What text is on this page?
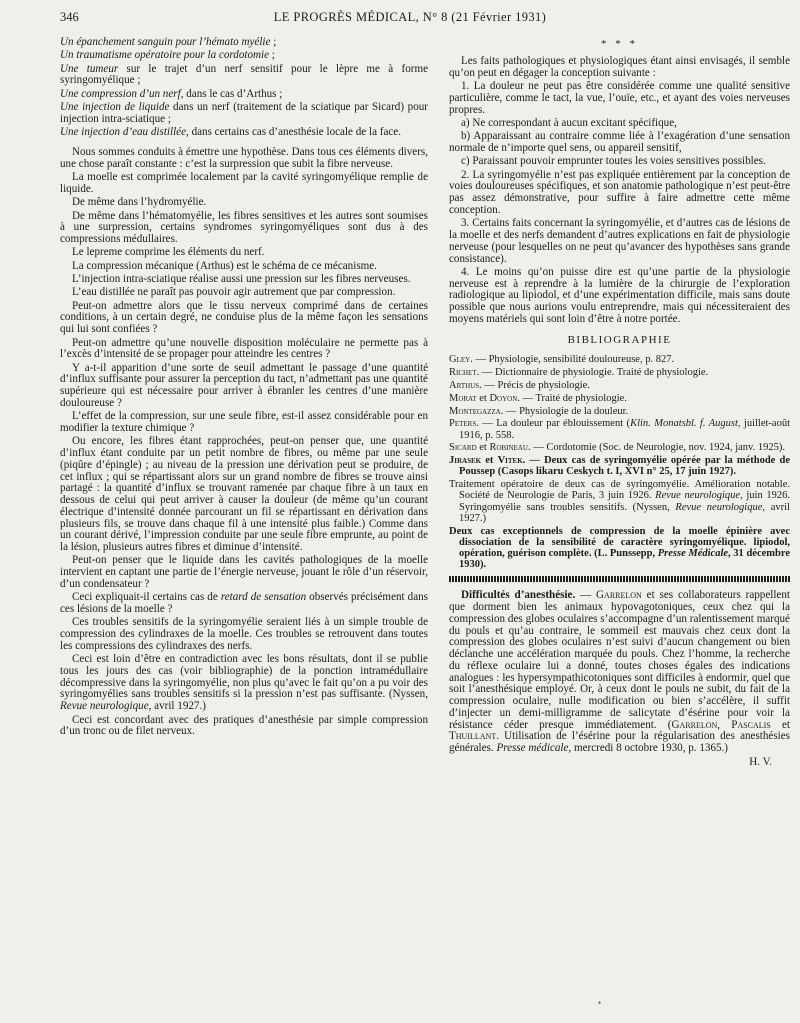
346	LE PROGRÈS MÉDICAL, N° 8 (21 Février 1931)

Un épanchement sanguin pour l’hémato myélie ;

Un traumatisme opératoire pour la cordotomie ;

Une tumeur sur le trajet d’un nerf sensitif pour le lèpre me à forme syringomyélique ;

Une compression d’un nerf, dans le cas d’Arthus ;

Une injection de liquide dans un nerf (traitement de la sciatique par Sicard) pour injection intra-sciatique ;

Une injection d’eau distillée, dans certains cas d’anesthésie locale de la face.

Nous sommes conduits à émettre une hypothèse. Dans tous ces éléments divers, une chose paraît constante : c’est la surpression que subit la fibre nerveuse.

La moelle est comprimée localement par la cavité syringomyélique remplie de liquide.

De même dans l’hydromyélie.

De même dans l’hématomyélie, les fibres sensitives et les autres sont soumises à une surpression, certains syndromes syringomyéliques sont dus à des compressions médullaires.

Le lepreme comprime les éléments du nerf.

La compression mécanique (Arthus) est le schéma de ce mécanisme.

L’injection intra-sciatique réalise aussi une pression sur les fibres nerveuses.

L’eau distillée ne paraît pas pouvoir agir autrement que par compression.

Peut-on admettre alors que le tissu nerveux comprimé dans de certaines conditions, à un certain degré, ne conduise plus de la même façon les sensations qui lui sont confiées ?

Peut-on admettre qu’une nouvelle disposition moléculaire ne permette pas à l’excès d’intensité de se propager pour atteindre les centres ?

Y a-t-il apparition d’une sorte de seuil admettant le passage d’une quantité d’influx suffisante pour assurer la perception du tact, n’admettant pas une quantité supérieure qui est nécessaire pour arriver à ébranler les centres d’une manière douloureuse ?

L’effet de la compression, sur une seule fibre, est-il assez considérable pour en modifier la texture chimique ?

Ou encore, les fibres étant rapprochées, peut-on penser que, une quantité d’influx étant conduite par un petit nombre de fibres, ou même par une seule (piqûre d’épingle) ; au niveau de la pression une dérivation peut se produire, de cet influx ; qui se répartissant alors sur un grand nombre de fibres se trouve ainsi partagé : la quantité d’influx se trouvant ramenée par chaque fibre à un taux en dessous de celui qui peut arriver à causer la douleur (de même qu’un courant électrique d’intensité donnée parcourant un fil se répartissant en dérivation dans plusieurs fils, se trouve dans chaque fil à une intensité plus faible.) Comme dans un courant dérivé, l’impression conduite par une seule fibre emprunte, au point de la lésion, plusieurs autres fibres et diminue d’intensité.

Peut-on penser que le liquide dans les cavités pathologiques de la moelle intervient en captant une partie de l’énergie nerveuse, jouant le rôle d’un réservoir, d’un condensateur ?

Ceci expliquait-il certains cas de retard de sensation observés précisément dans ces lésions de la moelle ?

Ces troubles sensitifs de la syringomyélie seraient liés à un simple trouble de compression des cylindraxes de la moelle. Ces troubles se retrouvent dans toutes les compressions des cylindraxes des nerfs.

Ceci est loin d’être en contradiction avec les bons résultats, dont il se publie tous les jours des cas (voir bibliographie) de la ponction intramédullaire décompressive dans la syringomyélie, non plus qu’avec le fait qu’on a pu voir des syringomyélies sans troubles sensitifs si la pression n’est pas suffisante. (Nyssen, Revue neurologique, avril 1927.)

Ceci est concordant avec des pratiques d’anesthésie par simple compression d’un tronc ou de filet nerveux.

* * *

Les faits pathologiques et physiologiques étant ainsi envisagés, il semble qu’on peut en dégager la conception suivante :

1. La douleur ne peut pas être considérée comme une qualité sensitive particulière, comme le tact, la vue, l’ouïe, etc., et ayant des voies nerveuses propres.

a) Ne correspondant à aucun excitant spécifique,

b) Apparaissant au contraire comme liée à l’exagération d’une sensation normale de n’importe quel sens, ou appareil sensitif,

c) Paraissant pouvoir emprunter toutes les voies sensitives possibles.

2. La syringomyélie n’est pas expliquée entièrement par la conception de voies douloureuses spécifiques, et son anatomie pathologique n’est peut-être pas assez démonstrative, pour suffire à faire admettre cette même conception.

3. Certains faits concernant la syringomyélie, et d’autres cas de lésions de la moelle et des nerfs demandent d’autres explications en fait de physiologie nerveuse (pour lesquelles on ne peut qu’avancer des hypothèses sans grande consistance).

4. Le moins qu’on puisse dire est qu’une partie de la physiologie nerveuse est à reprendre à la lumière de la chirurgie de l’exploration radiologique au lipiodol, et d’une expérimentation difficile, mais sans doute possible que nous aurions voulu entreprendre, mais qui nécessiteraient des moyens matériels qui sont loin d’être à notre portée.

BIBLIOGRAPHIE

Gley. — Physiologie, sensibilité douloureuse, p. 827.

Richet. — Dictionnaire de physiologie. Traité de physiologie.

Arthus. — Précis de physiologie.

Morat et Doyon. — Traité de physiologie.

Montegazza. — Physiologie de la douleur.

Peters. — La douleur par éblouissement (Klin. Monatsbl. f. August, juillet-août 1916, p. 558.

Sicard et Robineau. — Cordotomie (Soc. de Neurologie, nov. 1924, janv. 1925).

Jirasek et Vitek. — Deux cas de syringomyélie opérée par la méthode de Poussep (Casops likaru Ceskych t. I, XVI n° 25, 17 juin 1927).

Traitement opératoire de deux cas de syringomyélie. Amélioration notable. Société de Neurologie de Paris, 3 juin 1926. Revue neurologique, juin 1926. Syringomyélie sans troubles sensitifs. (Nyssen, Revue neurologique, avril 1927.)

Deux cas exceptionnels de compression de la moelle épinière avec dissociation de la sensibilité de caractère syringomyélique. lipiodol, opération, guérison complète. (L. Punssepp, Presse Médicale, 31 décembre 1930).

Difficultés d’anesthésie. — Garrelon et ses collaborateurs rappellent que dorment bien les animaux hypovagotoniques, ceux chez qui la compression des globes oculaires s’accompagne d’un ralentissement marqué du pouls et qu’au contraire, le sommeil est mauvais chez ceux dont la compression des globes oculaires n’est suivi d’aucun changement ou bien déclanche une accélération marquée du pouls. Chez l’homme, la recherche du réflexe oculaire lui a donné, toutes choses égales des indications analogues : les hypersympathicotoniques sont difficiles à endormir, quel que soit l’anesthésique employé. Or, à ceux dont le pouls ne subit, du fait de la compression oculaire, nulle modification ou bien s’accélère, il suffit d’injecter un demi-milligramme de salicytate d’ésérine pour voir la résistance céder presque immédiatement. (Garrelon, Pascalis et Thuillant. Utilisation de l’ésérine pour la régularisation des anesthésies générales. Presse médicale, mercredi 8 octobre 1930, p. 1365.)

H. V.

•
